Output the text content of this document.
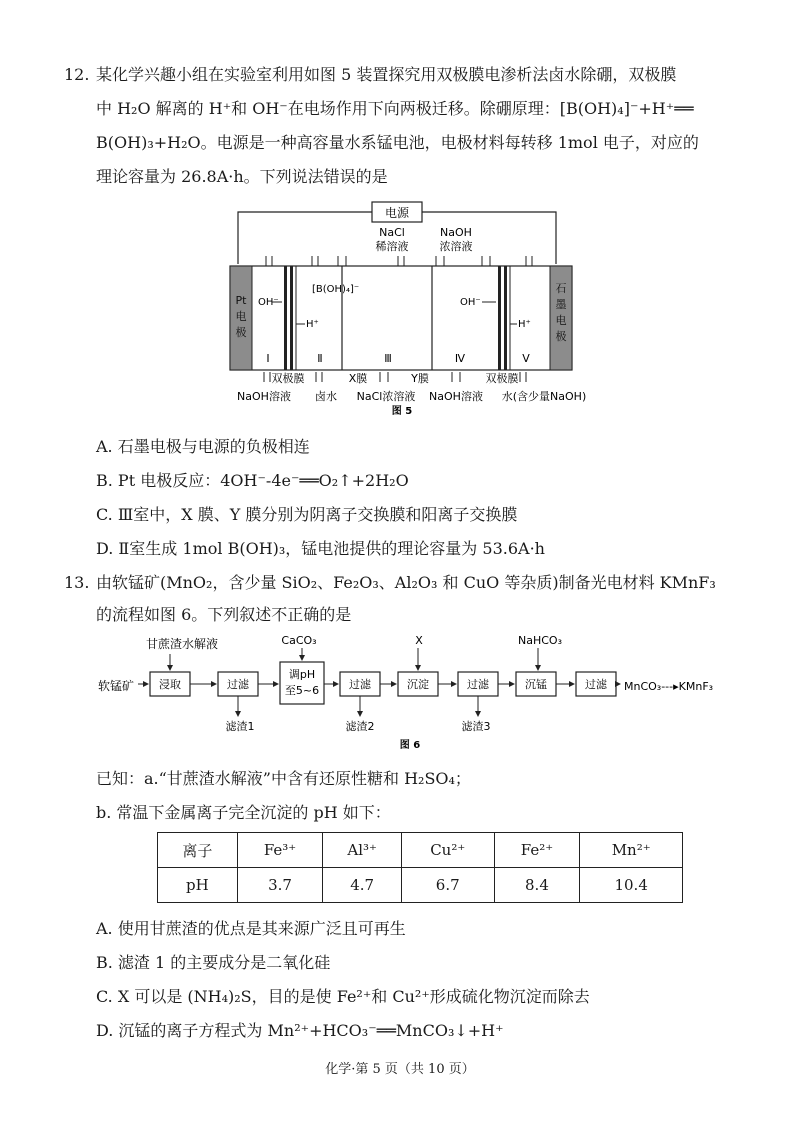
12. 某化学兴趣小组在实验室利用如图 5 装置探究用双极膜电渗析法卤水除硼，双极膜
中 H₂O 解离的 H⁺和 OH⁻在电场作用下向两极迁移。除硼原理：[B(OH)₄]⁻+H⁺══
B(OH)₃+H₂O。电源是一种高容量水系锰电池，电极材料每转移 1mol 电子，对应的
理论容量为 26.8A·h。下列说法错误的是
电源
Pt
电
极
石
墨
电
极
OH⁻
H⁺
[B(OH)₄]⁻
OH⁻
H⁺
NaCl
稀溶液
NaOH
浓溶液
Ⅰ	Ⅱ	Ⅲ	Ⅳ	Ⅴ
双极膜	X膜	Y膜	双极膜
NaOH溶液 卤水 NaCl浓溶液 NaOH溶液 水(含少量NaOH)
图 5
A. 石墨电极与电源的负极相连
B. Pt 电极反应：4OH⁻-4e⁻══O₂↑+2H₂O
C. Ⅲ室中，X 膜、Y 膜分别为阴离子交换膜和阳离子交换膜
D. Ⅱ室生成 1mol B(OH)₃，锰电池提供的理论容量为 53.6A·h
13. 由软锰矿(MnO₂，含少量 SiO₂、Fe₂O₃、Al₂O₃ 和 CuO 等杂质)制备光电材料 KMnF₃
的流程如图 6。下列叙述不正确的是
软锰矿
甘蔗渣水解液	CaCO₃	X	NaHCO₃
浸取	过滤
调pH
至5~6	过滤	沉淀	过滤	沉锰	过滤 MnCO₃---▸KMnF₃
滤渣1	滤渣2	滤渣3
图 6
已知：a.“甘蔗渣水解液”中含有还原性糖和 H₂SO₄；
b. 常温下金属离子完全沉淀的 pH 如下：
离子	Fe³⁺	Al³⁺	Cu²⁺	Fe²⁺	Mn²⁺
pH	3.7	4.7	6.7	8.4	10.4
A. 使用甘蔗渣的优点是其来源广泛且可再生
B. 滤渣 1 的主要成分是二氧化硅
C. X 可以是 (NH₄)₂S，目的是使 Fe²⁺和 Cu²⁺形成硫化物沉淀而除去
D. 沉锰的离子方程式为 Mn²⁺+HCO₃⁻══MnCO₃↓+H⁺
化学·第 5 页（共 10 页）
